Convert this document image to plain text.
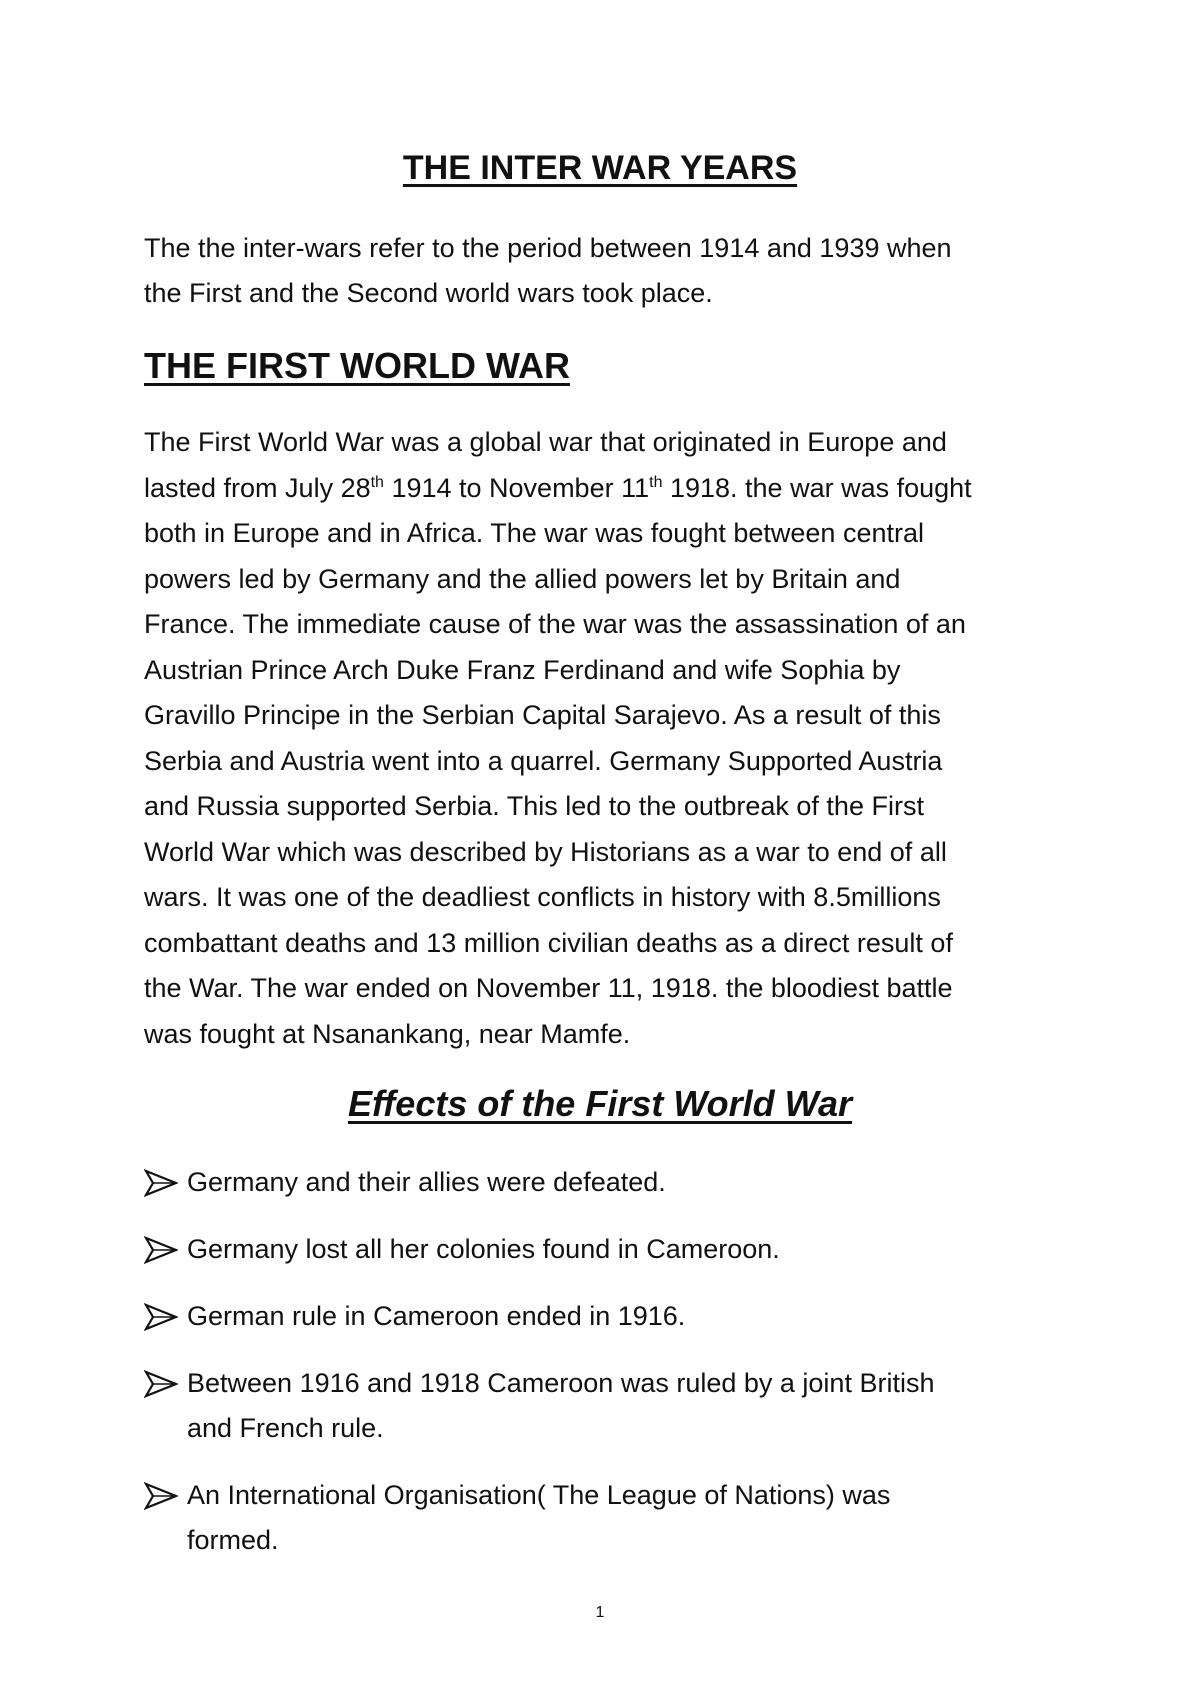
THE INTER WAR YEARS
The the inter-wars refer to the period between 1914 and 1939 when
the First and the Second world wars took place.
THE FIRST WORLD WAR
The First World War was a global war that originated in Europe and
lasted from July 28th 1914 to November 11th 1918. the war was fought
both in Europe and in Africa. The war was fought between central
powers led by Germany and the allied powers let by Britain and
France. The immediate cause of the war was the assassination of an
Austrian Prince Arch Duke Franz Ferdinand and wife Sophia by
Gravillo Principe in the Serbian Capital Sarajevo. As a result of this
Serbia and Austria went into a quarrel. Germany Supported Austria
and Russia supported Serbia. This led to the outbreak of the First
World War which was described by Historians as a war to end of all
wars. It was one of the deadliest conflicts in history with 8.5millions
combattant deaths and 13 million civilian deaths as a direct result of
the War. The war ended on November 11, 1918. the bloodiest battle
was fought at Nsanankang, near Mamfe.
Effects of the First World War
Germany and their allies were defeated.
Germany lost all her colonies found in Cameroon.
German rule in Cameroon ended in 1916.
Between 1916 and 1918 Cameroon was ruled by a joint British
and French rule.
An International Organisation( The League of Nations) was
formed.
1
